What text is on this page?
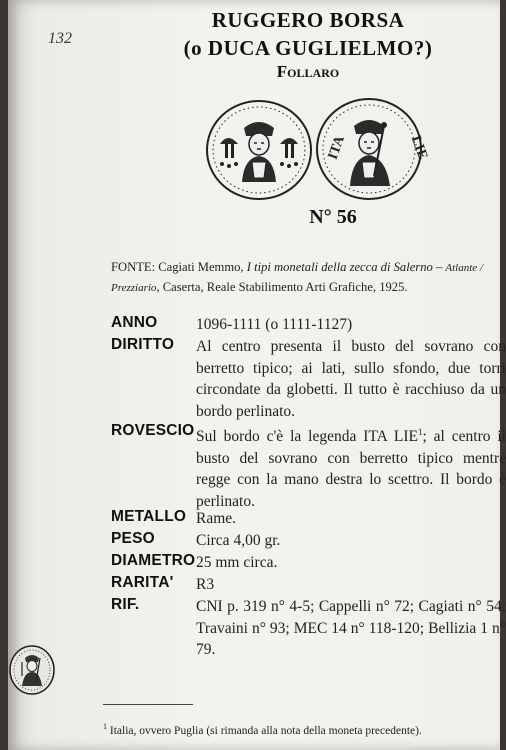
132
RUGGERO BORSA
(o DUCA GUGLIELMO?)
Follaro
ITA	LIE
N° 56
FONTE: Cagiati Memmo, I tipi monetali della zecca di Salerno – Atlante / Prezziario, Caserta, Reale Stabilimento Arti Grafiche, 1925.
ANNO 1096-1111 (o 1111-1127)
DIRITTO Al centro presenta il busto del sovrano con berretto tipico; ai lati, sullo sfondo, due torri circondate da globetti. Il tutto è racchiuso da un bordo perlinato.
ROVESCIO Sul bordo c'è la legenda ITA LIE$^1$; al centro il busto del sovrano con berretto tipico mentre regge con la mano destra lo scettro. Il bordo è perlinato.
METALLO Rame.
PESO	Circa 4,00 gr.
DIAMETRO 25 mm circa.
RARITA' R3
RIF.	CNI p. 319 n° 4-5; Cappelli n° 72; Cagiati n° 54; Travaini n° 93; MEC 14 n° 118-120; Bellizia 1 n° 79.
$^1$ Italia, ovvero Puglia (si rimanda alla nota della moneta precedente).
